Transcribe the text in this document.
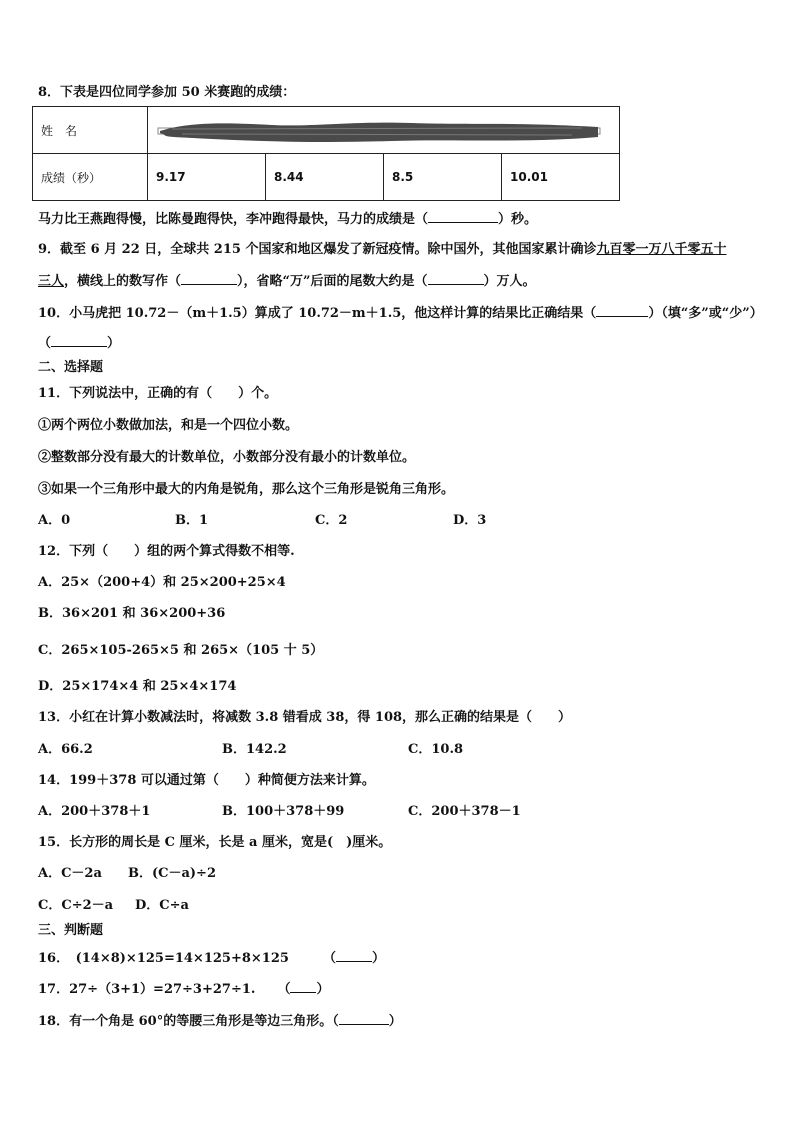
8．下表是四位同学参加 50 米赛跑的成绩：
姓　名	

成绩（秒）	9.17	8.44	8.5	10.01
马力比王燕跑得慢，比陈曼跑得快，李冲跑得最快，马力的成绩是（	）秒。
9．截至 6 月 22 日，全球共 215 个国家和地区爆发了新冠疫情。除中国外，其他国家累计确诊九百零一万八千零五十
三人，横线上的数写作（	），省略“万”后面的尾数大约是（	）万人。
10．小马虎把 10.72－（m＋1.5）算成了 10.72－m＋1.5，他这样计算的结果比正确结果（	）（填“多”或“少”）
（	）
二、选择题
11．下列说法中，正确的有（　　）个。
①两个两位小数做加法，和是一个四位小数。
②整数部分没有最大的计数单位，小数部分没有最小的计数单位。
③如果一个三角形中最大的内角是锐角，那么这个三角形是锐角三角形。
A．0	B．1	C．2	D．3
12．下列（　　）组的两个算式得数不相等.
A．25×（200+4）和 25×200+25×4
B．36×201 和 36×200+36
C．265×105-265×5 和 265×（105 十 5）
D．25×174×4 和 25×4×174
13．小红在计算小数减法时，将减数 3.8 错看成 38，得 108，那么正确的结果是（　　）
A．66.2	B．142.2	C．10.8
14．199＋378 可以通过第（　　）种简便方法来计算。
A．200＋378＋1	B．100＋378＋99	C．200＋378－1
15．长方形的周长是 C 厘米，长是 a 厘米，宽是(　)厘米。
A．C－2a B．(C－a)÷2
C．C÷2－a D．C÷a
三、判断题
16．　(14×8)×125=14×125+8×125	（	）
17．27÷（3+1）=27÷3+27÷1. （ ）
18．有一个角是 60°的等腰三角形是等边三角形。（	）
